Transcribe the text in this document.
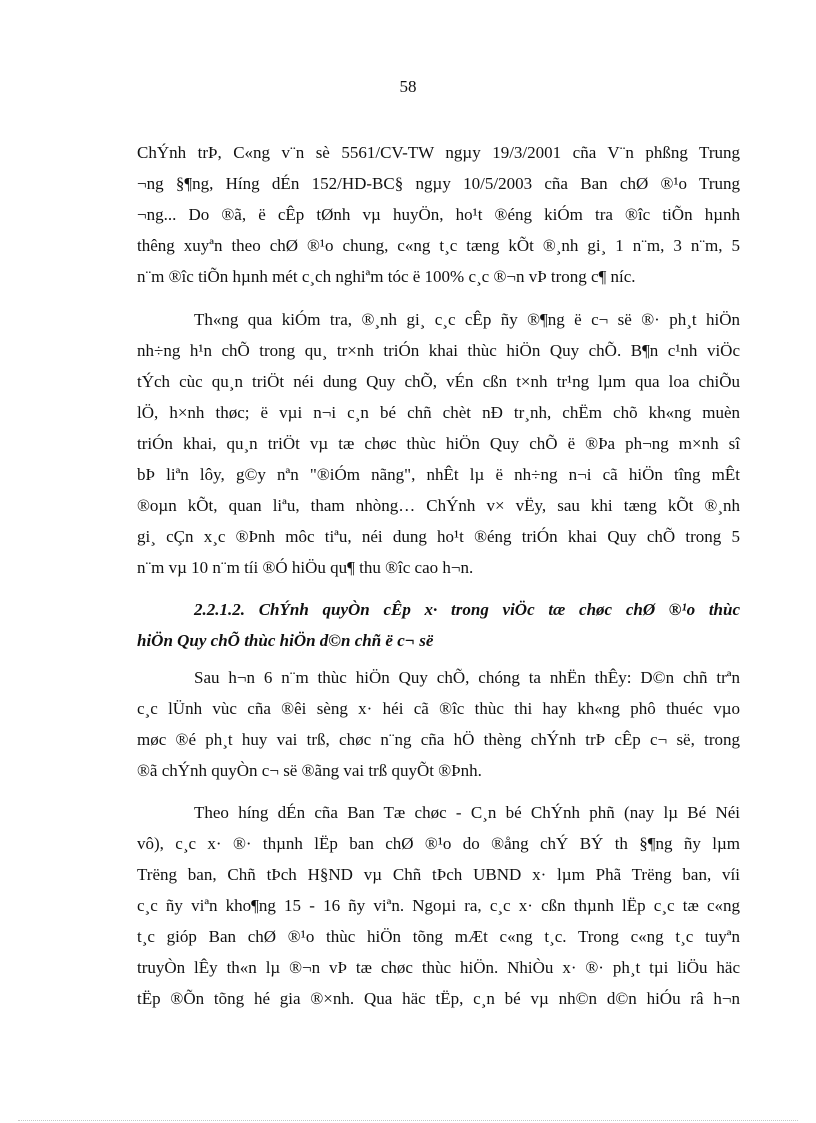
58
ChÝnh trÞ, C«ng v¨n sè 5561/CV-TW ngµy 19/3/2001 cña V¨n phßng Trung
¬ng §¶ng, Híng dÉn 152/HD-BC§ ngµy 10/5/2003 cña Ban chØ ®¹o Trung
¬ng... Do ®ã, ë cÊp tØnh vµ huyÖn, ho¹t ®éng kiÓm tra ®îc tiÕn hµnh
thêng xuyªn theo chØ ®¹o chung, c«ng t¸c tæng kÕt ®¸nh gi¸ 1 n¨m, 3 n¨m, 5
n¨m ®îc tiÕn hµnh mét c¸ch nghiªm tóc ë 100% c¸c ®¬n vÞ trong c¶ níc.
Th«ng qua kiÓm tra, ®¸nh gi¸ c¸c cÊp ñy ®¶ng ë c¬ së ®· ph¸t hiÖn
nh÷ng h¹n chÕ trong qu¸ tr×nh triÓn khai thùc hiÖn Quy chÕ. B¶n c¹nh viÖc
tÝch cùc qu¸n triÖt néi dung Quy chÕ, vÉn cßn t×nh tr¹ng lµm qua loa chiÕu
lÖ, h×nh thøc; ë vµi n¬i c¸n bé chñ chèt nÐ tr¸nh, chËm chõ kh«ng muèn
triÓn khai, qu¸n triÖt vµ tæ chøc thùc hiÖn Quy chÕ ë ®Þa ph¬ng m×nh sî
bÞ liªn lôy, g©y nªn "®iÓm nãng", nhÊt lµ ë nh÷ng n¬i cã hiÖn tîng mÊt
®oµn kÕt, quan liªu, tham nhòng… ChÝnh v× vËy, sau khi tæng kÕt ®¸nh
gi¸ cÇn x¸c ®Þnh môc tiªu, néi dung ho¹t ®éng triÓn khai Quy chÕ trong 5
n¨m vµ 10 n¨m tíi ®Ó hiÖu qu¶ thu ®îc cao h¬n.
2.2.1.2. ChÝnh quyÒn cÊp x· trong viÖc tæ chøc chØ ®¹o thùc
hiÖn Quy chÕ thùc hiÖn d©n chñ ë c¬ së
Sau h¬n 6 n¨m thùc hiÖn Quy chÕ, chóng ta nhËn thÊy: D©n chñ trªn
c¸c lÜnh vùc cña ®êi sèng x· héi cã ®îc thùc thi hay kh«ng phô thuéc vµo
møc ®é ph¸t huy vai trß, chøc n¨ng cña hÖ thèng chÝnh trÞ cÊp c¬ së, trong
®ã chÝnh quyÒn c¬ së ®ãng vai trß quyÕt ®Þnh.
Theo híng dÉn cña Ban Tæ chøc - C¸n bé ChÝnh phñ (nay lµ Bé Néi
vô), c¸c x· ®· thµnh lËp ban chØ ®¹o do ®ång chÝ BÝ th §¶ng ñy lµm
Trëng ban, Chñ tÞch H§ND vµ Chñ tÞch UBND x· lµm Phã Trëng ban, víi
c¸c ñy viªn kho¶ng 15 - 16 ñy viªn. Ngoµi ra, c¸c x· cßn thµnh lËp c¸c tæ c«ng
t¸c gióp Ban chØ ®¹o thùc hiÖn tõng mÆt c«ng t¸c. Trong c«ng t¸c tuyªn
truyÒn lÊy th«n lµ ®¬n vÞ tæ chøc thùc hiÖn. NhiÒu x· ®· ph¸t tµi liÖu häc
tËp ®Õn tõng hé gia ®×nh. Qua häc tËp, c¸n bé vµ nh©n d©n hiÓu râ h¬n
